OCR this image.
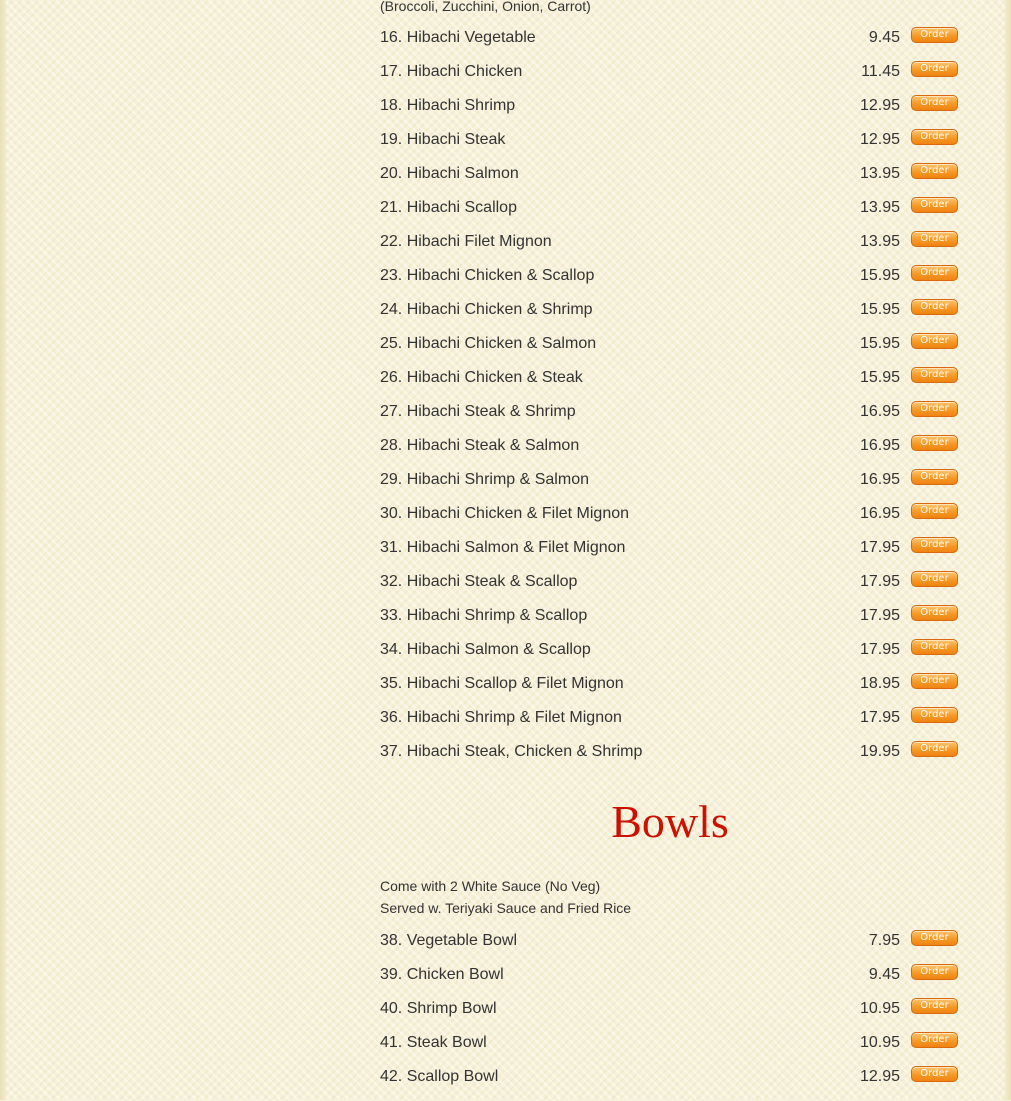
(Broccoli, Zucchini, Onion, Carrot)
16. Hibachi Vegetable	9.45	Order
17. Hibachi Chicken	11.45	Order
18. Hibachi Shrimp	12.95	Order
19. Hibachi Steak	12.95	Order
20. Hibachi Salmon	13.95	Order
21. Hibachi Scallop	13.95	Order
22. Hibachi Filet Mignon	13.95	Order
23. Hibachi Chicken & Scallop	15.95	Order
24. Hibachi Chicken & Shrimp	15.95	Order
25. Hibachi Chicken & Salmon	15.95	Order
26. Hibachi Chicken & Steak	15.95	Order
27. Hibachi Steak & Shrimp	16.95	Order
28. Hibachi Steak & Salmon	16.95	Order
29. Hibachi Shrimp & Salmon	16.95	Order
30. Hibachi Chicken & Filet Mignon	16.95	Order
31. Hibachi Salmon & Filet Mignon	17.95	Order
32. Hibachi Steak & Scallop	17.95	Order
33. Hibachi Shrimp & Scallop	17.95	Order
34. Hibachi Salmon & Scallop	17.95	Order
35. Hibachi Scallop & Filet Mignon	18.95	Order
36. Hibachi Shrimp & Filet Mignon	17.95	Order
37. Hibachi Steak, Chicken & Shrimp	19.95	Order
Bowls
Come with 2 White Sauce (No Veg)
Served w. Teriyaki Sauce and Fried Rice
38. Vegetable Bowl	7.95	Order
39. Chicken Bowl	9.45	Order
40. Shrimp Bowl	10.95	Order
41. Steak Bowl	10.95	Order
42. Scallop Bowl	12.95	Order
